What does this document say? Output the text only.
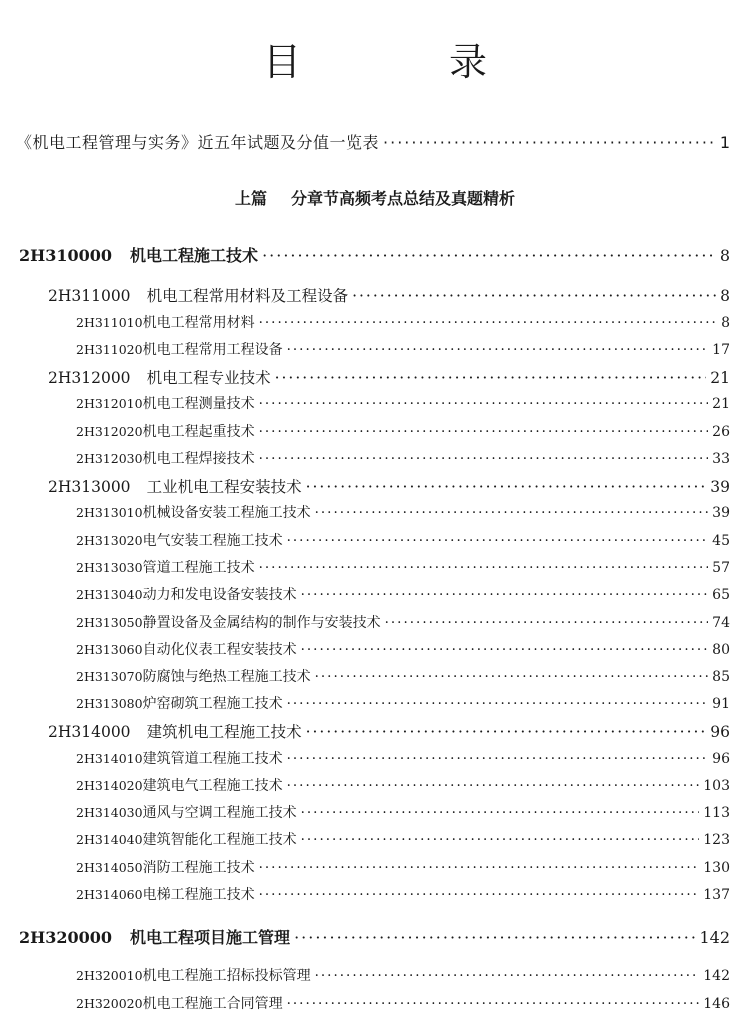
目 录
《机电工程管理与实务》近五年试题及分值一览表 ·····	1
上篇 分章节高频考点总结及真题精析
2H310000 机电工程施工技术 ·····	8
2H311000 机电工程常用材料及工程设备 ·····	8
2H311010 机电工程常用材料 ·····	8
2H311020 机电工程常用工程设备 ·····	17
2H312000 机电工程专业技术 ·····	21
2H312010 机电工程测量技术 ·····	21
2H312020 机电工程起重技术 ·····	26
2H312030 机电工程焊接技术 ·····	33
2H313000 工业机电工程安装技术 ·····	39
2H313010 机械设备安装工程施工技术 ·····	39
2H313020 电气安装工程施工技术 ·····	45
2H313030 管道工程施工技术 ·····	57
2H313040 动力和发电设备安装技术 ·····	65
2H313050 静置设备及金属结构的制作与安装技术 ·····	74
2H313060 自动化仪表工程安装技术 ·····	80
2H313070 防腐蚀与绝热工程施工技术 ·····	85
2H313080 炉窑砌筑工程施工技术 ·····	91
2H314000 建筑机电工程施工技术 ·····	96
2H314010 建筑管道工程施工技术 ·····	96
2H314020 建筑电气工程施工技术 ·····	103
2H314030 通风与空调工程施工技术 ·····	113
2H314040 建筑智能化工程施工技术 ·····	123
2H314050 消防工程施工技术 ·····	130
2H314060 电梯工程施工技术 ·····	137
2H320000 机电工程项目施工管理 ·····	142
2H320010 机电工程施工招标投标管理 ·····	142
2H320020 机电工程施工合同管理 ·····	146
